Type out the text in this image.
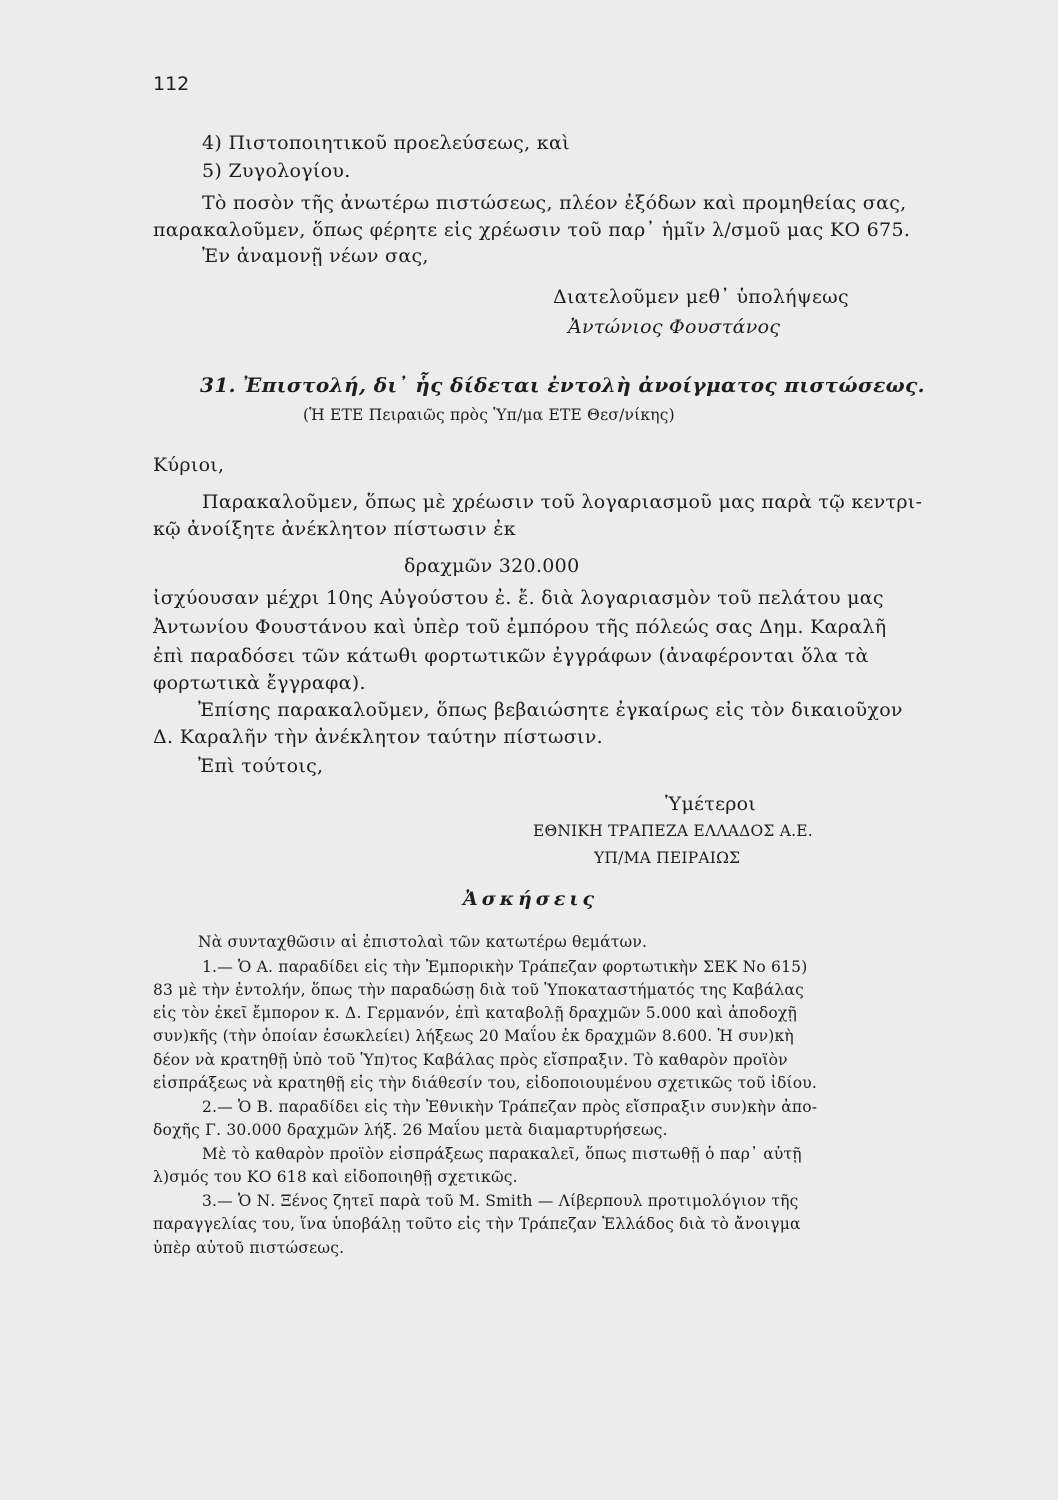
112
4) Πιστοποιητικοῦ προελεύσεως, καὶ
5) Ζυγολογίου.
Τὸ ποσὸν τῆς ἀνωτέρω πιστώσεως, πλέον ἐξόδων καὶ προμηθείας σας,
παρακαλοῦμεν, ὅπως φέρητε εἰς χρέωσιν τοῦ παρ᾽ ἡμῖν λ/σμοῦ μας ΚΟ 675.
Ἐν ἀναμονῇ νέων σας,
Διατελοῦμεν μεθ᾽ ὑπολήψεως
Ἀντώνιος Φουστάνος
31. Ἐπιστολή, δι᾽ ἧς δίδεται ἐντολὴ ἀνοίγματος πιστώσεως.
(Ἡ ΕΤΕ Πειραιῶς πρὸς Ὑπ/μα ΕΤΕ Θεσ/νίκης)
Κύριοι,
Παρακαλοῦμεν, ὅπως μὲ χρέωσιν τοῦ λογαριασμοῦ μας παρὰ τῷ κεντρι-
κῷ ἀνοίξητε ἀνέκλητον πίστωσιν ἐκ
δραχμῶν 320.000
ἰσχύουσαν μέχρι 10ης Αὐγούστου ἐ. ἔ. διὰ λογαριασμὸν τοῦ πελάτου μας
Ἀντωνίου Φουστάνου καὶ ὑπὲρ τοῦ ἐμπόρου τῆς πόλεώς σας Δημ. Καραλῆ
ἐπὶ παραδόσει τῶν κάτωθι φορτωτικῶν ἐγγράφων (ἀναφέρονται ὅλα τὰ
φορτωτικὰ ἔγγραφα).
Ἐπίσης παρακαλοῦμεν, ὅπως βεβαιώσητε ἐγκαίρως εἰς τὸν δικαιοῦχον
Δ. Καραλῆν τὴν ἀνέκλητον ταύτην πίστωσιν.
Ἐπὶ τούτοις,
Ὑμέτεροι
ΕΘΝΙΚΗ ΤΡΑΠΕΖΑ ΕΛΛΑΔΟΣ Α.Ε.
ΥΠ/ΜΑ ΠΕΙΡΑΙΩΣ
Ἀσκήσεις
Νὰ συνταχθῶσιν αἱ ἐπιστολαὶ τῶν κατωτέρω θεμάτων.
1.— Ὁ Α. παραδίδει εἰς τὴν Ἐμπορικὴν Τράπεζαν φορτωτικὴν ΣΕΚ Νο 615)
83 μὲ τὴν ἐντολήν, ὅπως τὴν παραδώσῃ διὰ τοῦ Ὑποκαταστήματός της Καβάλας
εἰς τὸν ἐκεῖ ἔμπορον κ. Δ. Γερμανόν, ἐπὶ καταβολῇ δραχμῶν 5.000 καὶ ἀποδοχῇ
συν)κῆς (τὴν ὁποίαν ἐσωκλείει) λήξεως 20 Μαΐου ἐκ δραχμῶν 8.600. Ἡ συν)κὴ
δέον νὰ κρατηθῇ ὑπὸ τοῦ Ὑπ)τος Καβάλας πρὸς εἴσπραξιν. Τὸ καθαρὸν προϊὸν
εἰσπράξεως νὰ κρατηθῇ εἰς τὴν διάθεσίν του, εἰδοποιουμένου σχετικῶς τοῦ ἰδίου.
2.— Ὁ Β. παραδίδει εἰς τὴν Ἐθνικὴν Τράπεζαν πρὸς εἴσπραξιν συν)κὴν ἀπο-
δοχῆς Γ. 30.000 δραχμῶν λήξ. 26 Μαΐου μετὰ διαμαρτυρήσεως.
Μὲ τὸ καθαρὸν προϊὸν εἰσπράξεως παρακαλεῖ, ὅπως πιστωθῇ ὁ παρ᾽ αὐτῇ
λ)σμός του ΚΟ 618 καὶ εἰδοποιηθῇ σχετικῶς.
3.— Ὁ Ν. Ξένος ζητεῖ παρὰ τοῦ Μ. Smith — Λίβερπουλ προτιμολόγιον τῆς
παραγγελίας του, ἵνα ὑποβάλῃ τοῦτο εἰς τὴν Τράπεζαν Ἑλλάδος διὰ τὸ ἄνοιγμα
ὑπὲρ αὐτοῦ πιστώσεως.
